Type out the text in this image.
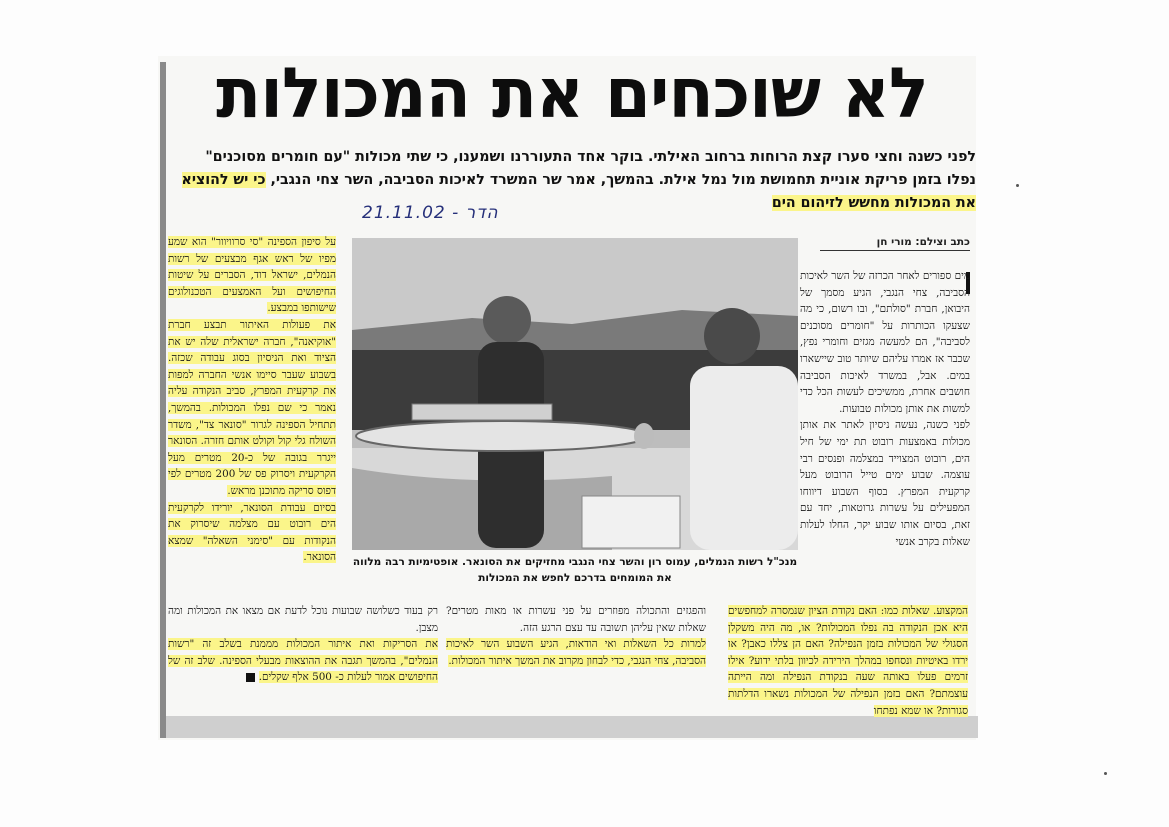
לא שוכחים את המכולות
לפני כשנה וחצי סערו קצת הרוחות ברחוב האילתי. בוקר אחד התעוררנו ושמענו, כי שתי מכולות "עם חומרים מסוכנים"
נפלו בזמן פריקת אוניית תחמושת מול נמל אילת. בהמשך, אמר שר המשרד לאיכות הסביבה, השר צחי הנגבי, כי יש להוציא
את המכולות מחשש לזיהום הים
21.11.02 - הדר
כתב וצילם: מורי חן

מים ספורים לאחר הכרזה של השר לאיכות הסביבה, צחי הנגבי, הגיע מסמך של היבואן, חברת "סולתם", ובו רשום, כי מה שצעקו הכותרות על "חומרים מסוכנים לסביבה", הם למעשה מגזים וחומרי נפץ, שכבר אז אמרו עליהם שיותר טוב שיישארו במים. אבל, במשרד לאיכות הסביבה חושבים אחרת, ממשיכים לעשות הכל כדי למשות את אותן מכולות טבועות.

לפני כשנה, נעשה ניסיון לאתר את אותן מכולות באמצעות רובוט תת ימי של חיל הים, רובוט המצוייד במצלמה ופנסים רבי עוצמה. שבוע ימים טייל הרובוט מעל קרקעית המפרץ. בסוף השבוע דיווחו המפעילים על עשרות גרוטאות, יחד עם זאת, בסיום אותו שבוע יקר, החלו לעלות שאלות בקרב אנשי

על סיפון הספינה "סי סרוויוור" הוא שמע מפיו של ראש אגף מבצעים של רשות הנמלים, ישראל דוד, הסברים על שיטות החיפושים ועל האמצעים הטכנולוגים שישותפו במבצע.

את פעולות האיתור תבצע חברת "אוקיאנה", חברה ישראלית שלה יש את הציוד ואת הניסיון בסוג עבודה שכזה. בשבוע שעבר סיימו אנשי החברה למפות את קרקעית המפרץ, סביב הנקודה עליה נאמר כי שם נפלו המכולות. בהמשך, תתחיל הספינה לגרור "סונאר צד", משדר השולח גלי קול וקולט אותם חזרה. הסונאר ייגרר בגובה של כ-20 מטרים מעל הקרקעית ויסרוק פס של 200 מטרים לפי דפוס סריקה מתוכנן מראש.

בסיום עבודת הסונאר, יורידו לקרקעית הים רובוט עם מצלמה שיסרוק את הנקודות עם "סימני השאלה" שמצא הסונאר. מנכ"ל רשות הנמלים, עמוס רון והשר צחי הנגבי מחזיקים את הסונאר. אופטימיות רבה מלווה את המומחים בדרכם לחפש את המכולות

המקצוע. שאלות כמו: האם נקודת הציון שנמסרה למחפשים היא אכן הנקודה בה נפלו המכולות? או, מה היה משקלן הסגולי של המכולות בזמן הנפילה? האם הן צללו כאבן? או ירדו באיטיות ונסחפו במהלך הירידה לכיוון בלתי ידוע? אילו זרמים פעלו באותה שעה בנקודת הנפילה ומה הייתה עוצמתם? האם בזמן הנפילה של המכולות נשארו הדלתות סגורות? או שמא נפתחו

והפגזים והתכולה מפוזרים על פני עשרות או מאות מטרים? שאלות שאין עליהן תשובה עד עצם הרגע הזה.

למרות כל השאלות ואי הודאות, הגיע השבוע השר לאיכות הסביבה, צחי הנגבי, כדי לבחון מקרוב את המשך איתור המכולות.

רק בעוד כשלושה שבועות נוכל לדעת אם מצאו את המכולות ומה מצבן.

את הסריקות ואת איתור המכולות מממנת בשלב זה "רשות הנמלים", בהמשך תגבה את ההוצאות מבעלי הספינה. שלב זה של החיפושים אמור לעלות כ- 500 אלף שקלים.
